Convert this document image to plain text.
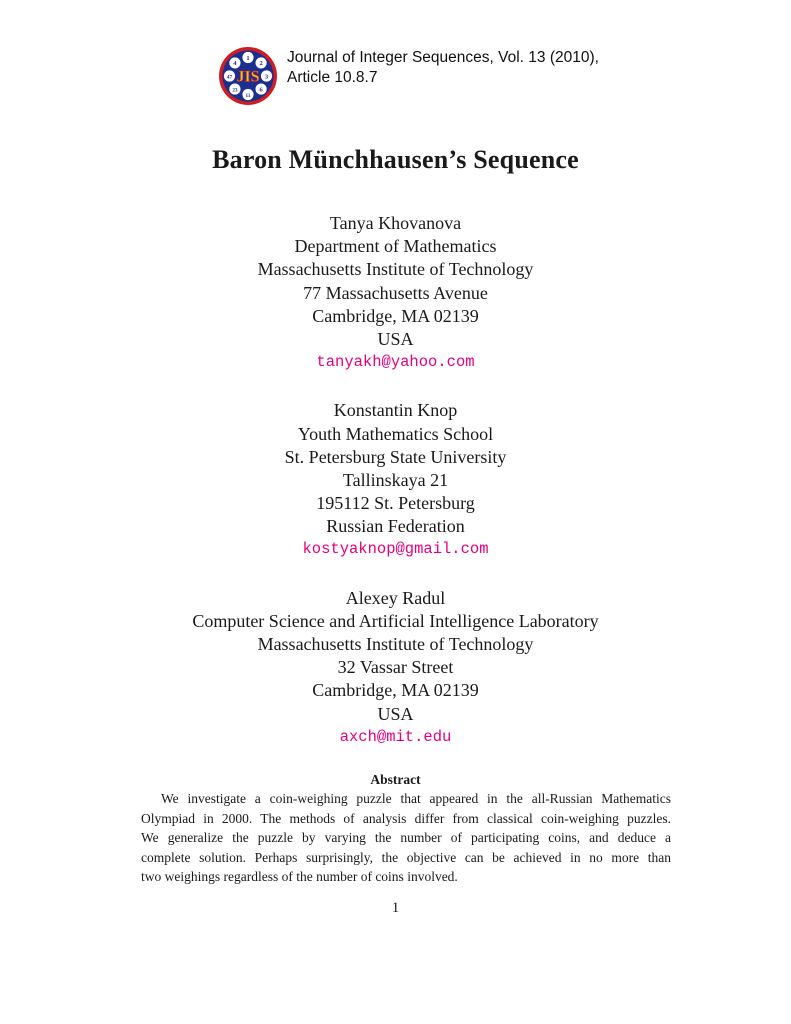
1
2
3
6
11
23
47
4
JIS
Journal of Integer Sequences, Vol. 13 (2010),
Article 10.8.7
Baron Münchhausen’s Sequence
Tanya Khovanova
Department of Mathematics
Massachusetts Institute of Technology
77 Massachusetts Avenue
Cambridge, MA 02139
USA
tanyakh@yahoo.com
Konstantin Knop
Youth Mathematics School
St. Petersburg State University
Tallinskaya 21
195112 St. Petersburg
Russian Federation
kostyaknop@gmail.com
Alexey Radul
Computer Science and Artificial Intelligence Laboratory
Massachusetts Institute of Technology
32 Vassar Street
Cambridge, MA 02139
USA
axch@mit.edu
Abstract
We investigate a coin-weighing puzzle that appeared in the all-Russian Mathematics
Olympiad in 2000. The methods of analysis differ from classical coin-weighing puzzles.
We generalize the puzzle by varying the number of participating coins, and deduce a
complete solution. Perhaps surprisingly, the objective can be achieved in no more than
two weighings regardless of the number of coins involved.
1
